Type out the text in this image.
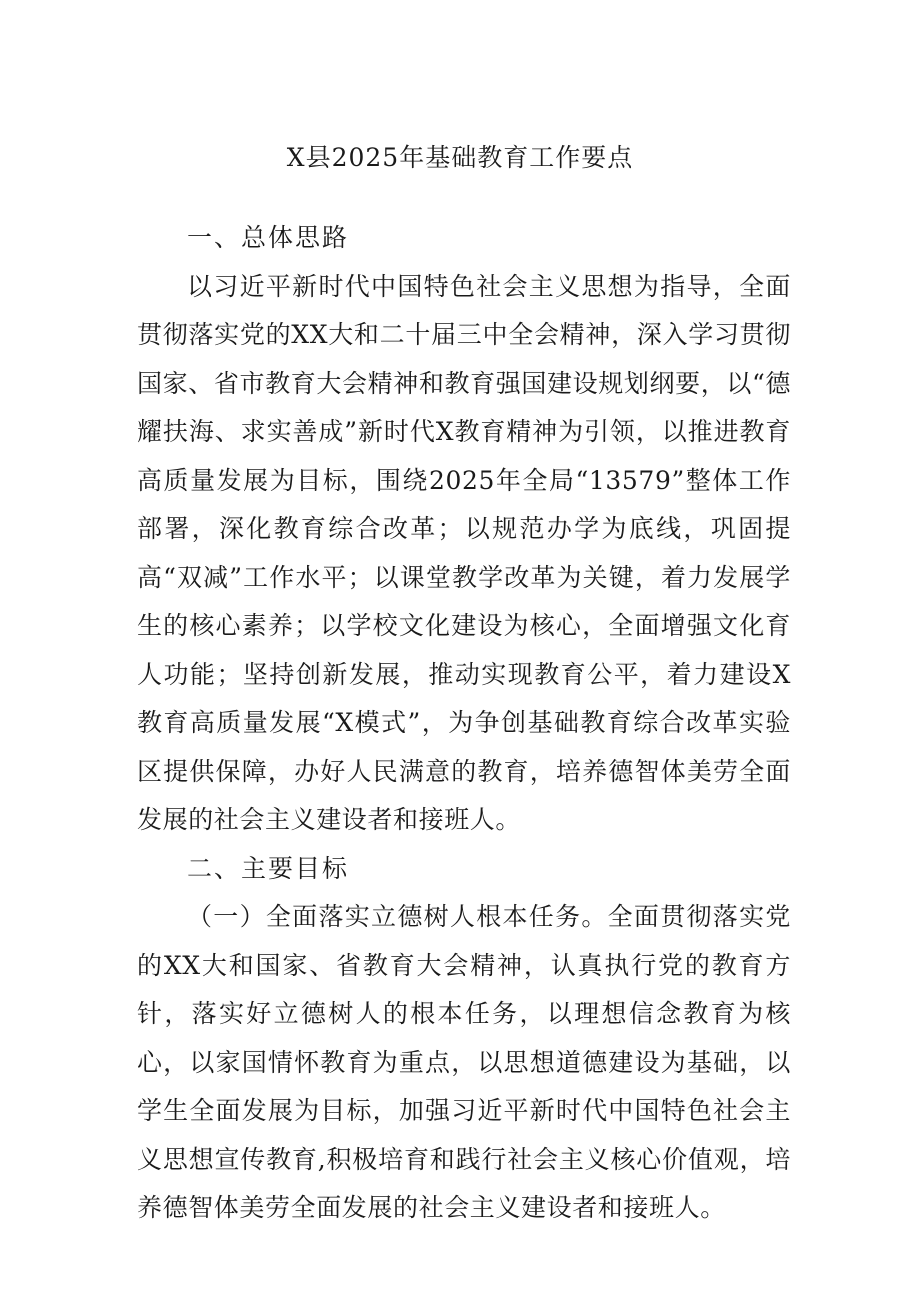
X县2025年基础教育工作要点

一、总体思路

以习近平新时代中国特色社会主义思想为指导，全面贯彻落实党的XX大和二十届三中全会精神，深入学习贯彻国家、省市教育大会精神和教育强国建设规划纲要，以“德耀扶海、求实善成”新时代X教育精神为引领，以推进教育高质量发展为目标，围绕2025年全局“13579”整体工作部署，深化教育综合改革；以规范办学为底线，巩固提高“双减”工作水平；以课堂教学改革为关键，着力发展学生的核心素养；以学校文化建设为核心，全面增强文化育人功能；坚持创新发展，推动实现教育公平，着力建设X教育高质量发展“X模式”，为争创基础教育综合改革实验区提供保障，办好人民满意的教育，培养德智体美劳全面发展的社会主义建设者和接班人。

二、主要目标

（一）全面落实立德树人根本任务。全面贯彻落实党的XX大和国家、省教育大会精神，认真执行党的教育方针，落实好立德树人的根本任务，以理想信念教育为核心，以家国情怀教育为重点，以思想道德建设为基础，以学生全面发展为目标，加强习近平新时代中国特色社会主义思想宣传教育,积极培育和践行社会主义核心价值观，培养德智体美劳全面发展的社会主义建设者和接班人。
